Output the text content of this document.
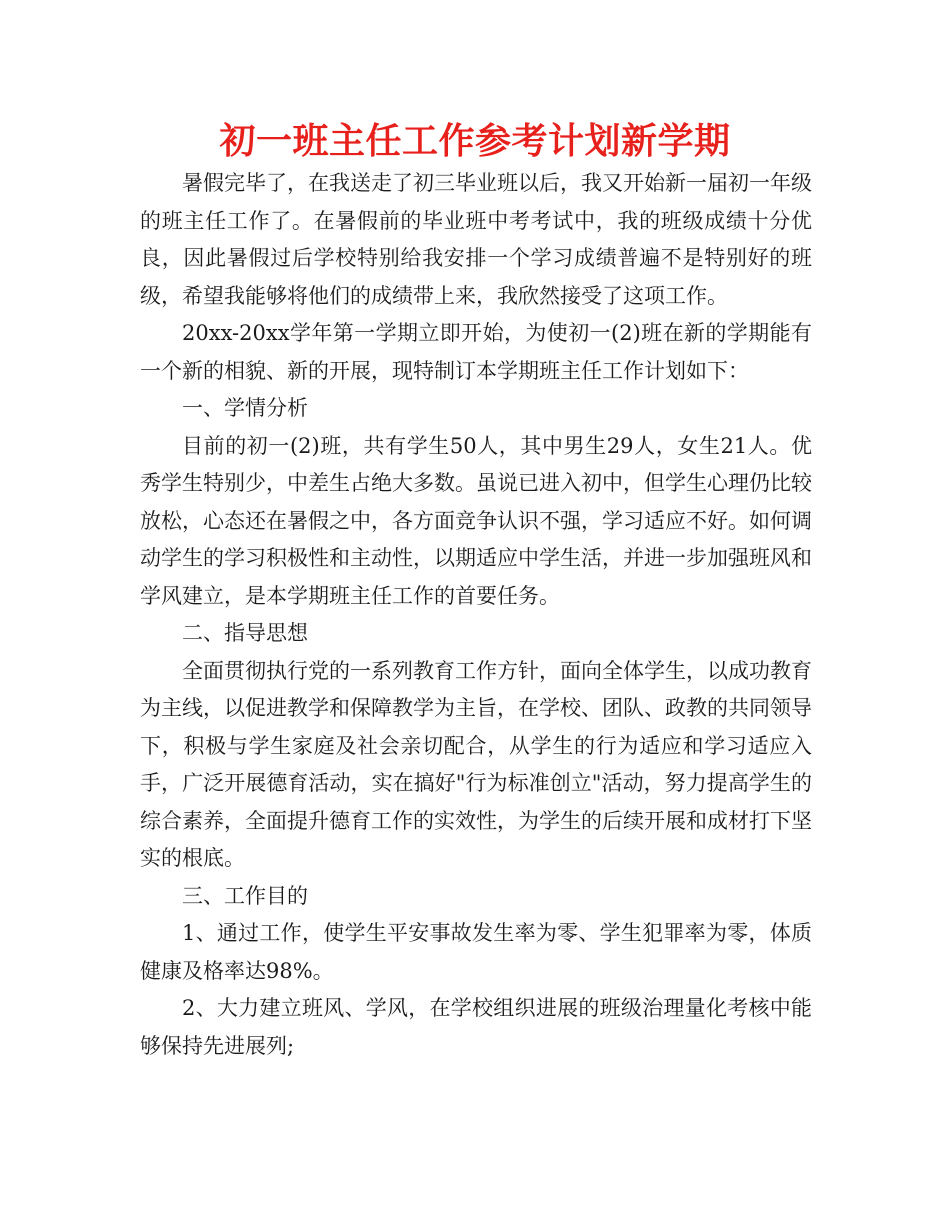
初一班主任工作参考计划新学期

暑假完毕了，在我送走了初三毕业班以后，我又开始新一届初一年级的班主任工作了。在暑假前的毕业班中考考试中，我的班级成绩十分优良，因此暑假过后学校特别给我安排一个学习成绩普遍不是特别好的班级，希望我能够将他们的成绩带上来，我欣然接受了这项工作。

20xx-20xx学年第一学期立即开始，为使初一(2)班在新的学期能有一个新的相貌、新的开展，现特制订本学期班主任工作计划如下：

一、学情分析

目前的初一(2)班，共有学生50人，其中男生29人，女生21人。优秀学生特别少，中差生占绝大多数。虽说已进入初中，但学生心理仍比较放松，心态还在暑假之中，各方面竞争认识不强，学习适应不好。如何调动学生的学习积极性和主动性，以期适应中学生活，并进一步加强班风和学风建立，是本学期班主任工作的首要任务。

二、指导思想

全面贯彻执行党的一系列教育工作方针，面向全体学生，以成功教育为主线，以促进教学和保障教学为主旨，在学校、团队、政教的共同领导下，积极与学生家庭及社会亲切配合，从学生的行为适应和学习适应入手，广泛开展德育活动，实在搞好"行为标准创立"活动，努力提高学生的综合素养，全面提升德育工作的实效性，为学生的后续开展和成材打下坚实的根底。

三、工作目的

1、通过工作，使学生平安事故发生率为零、学生犯罪率为零，体质健康及格率达98%。

2、大力建立班风、学风，在学校组织进展的班级治理量化考核中能够保持先进展列;
